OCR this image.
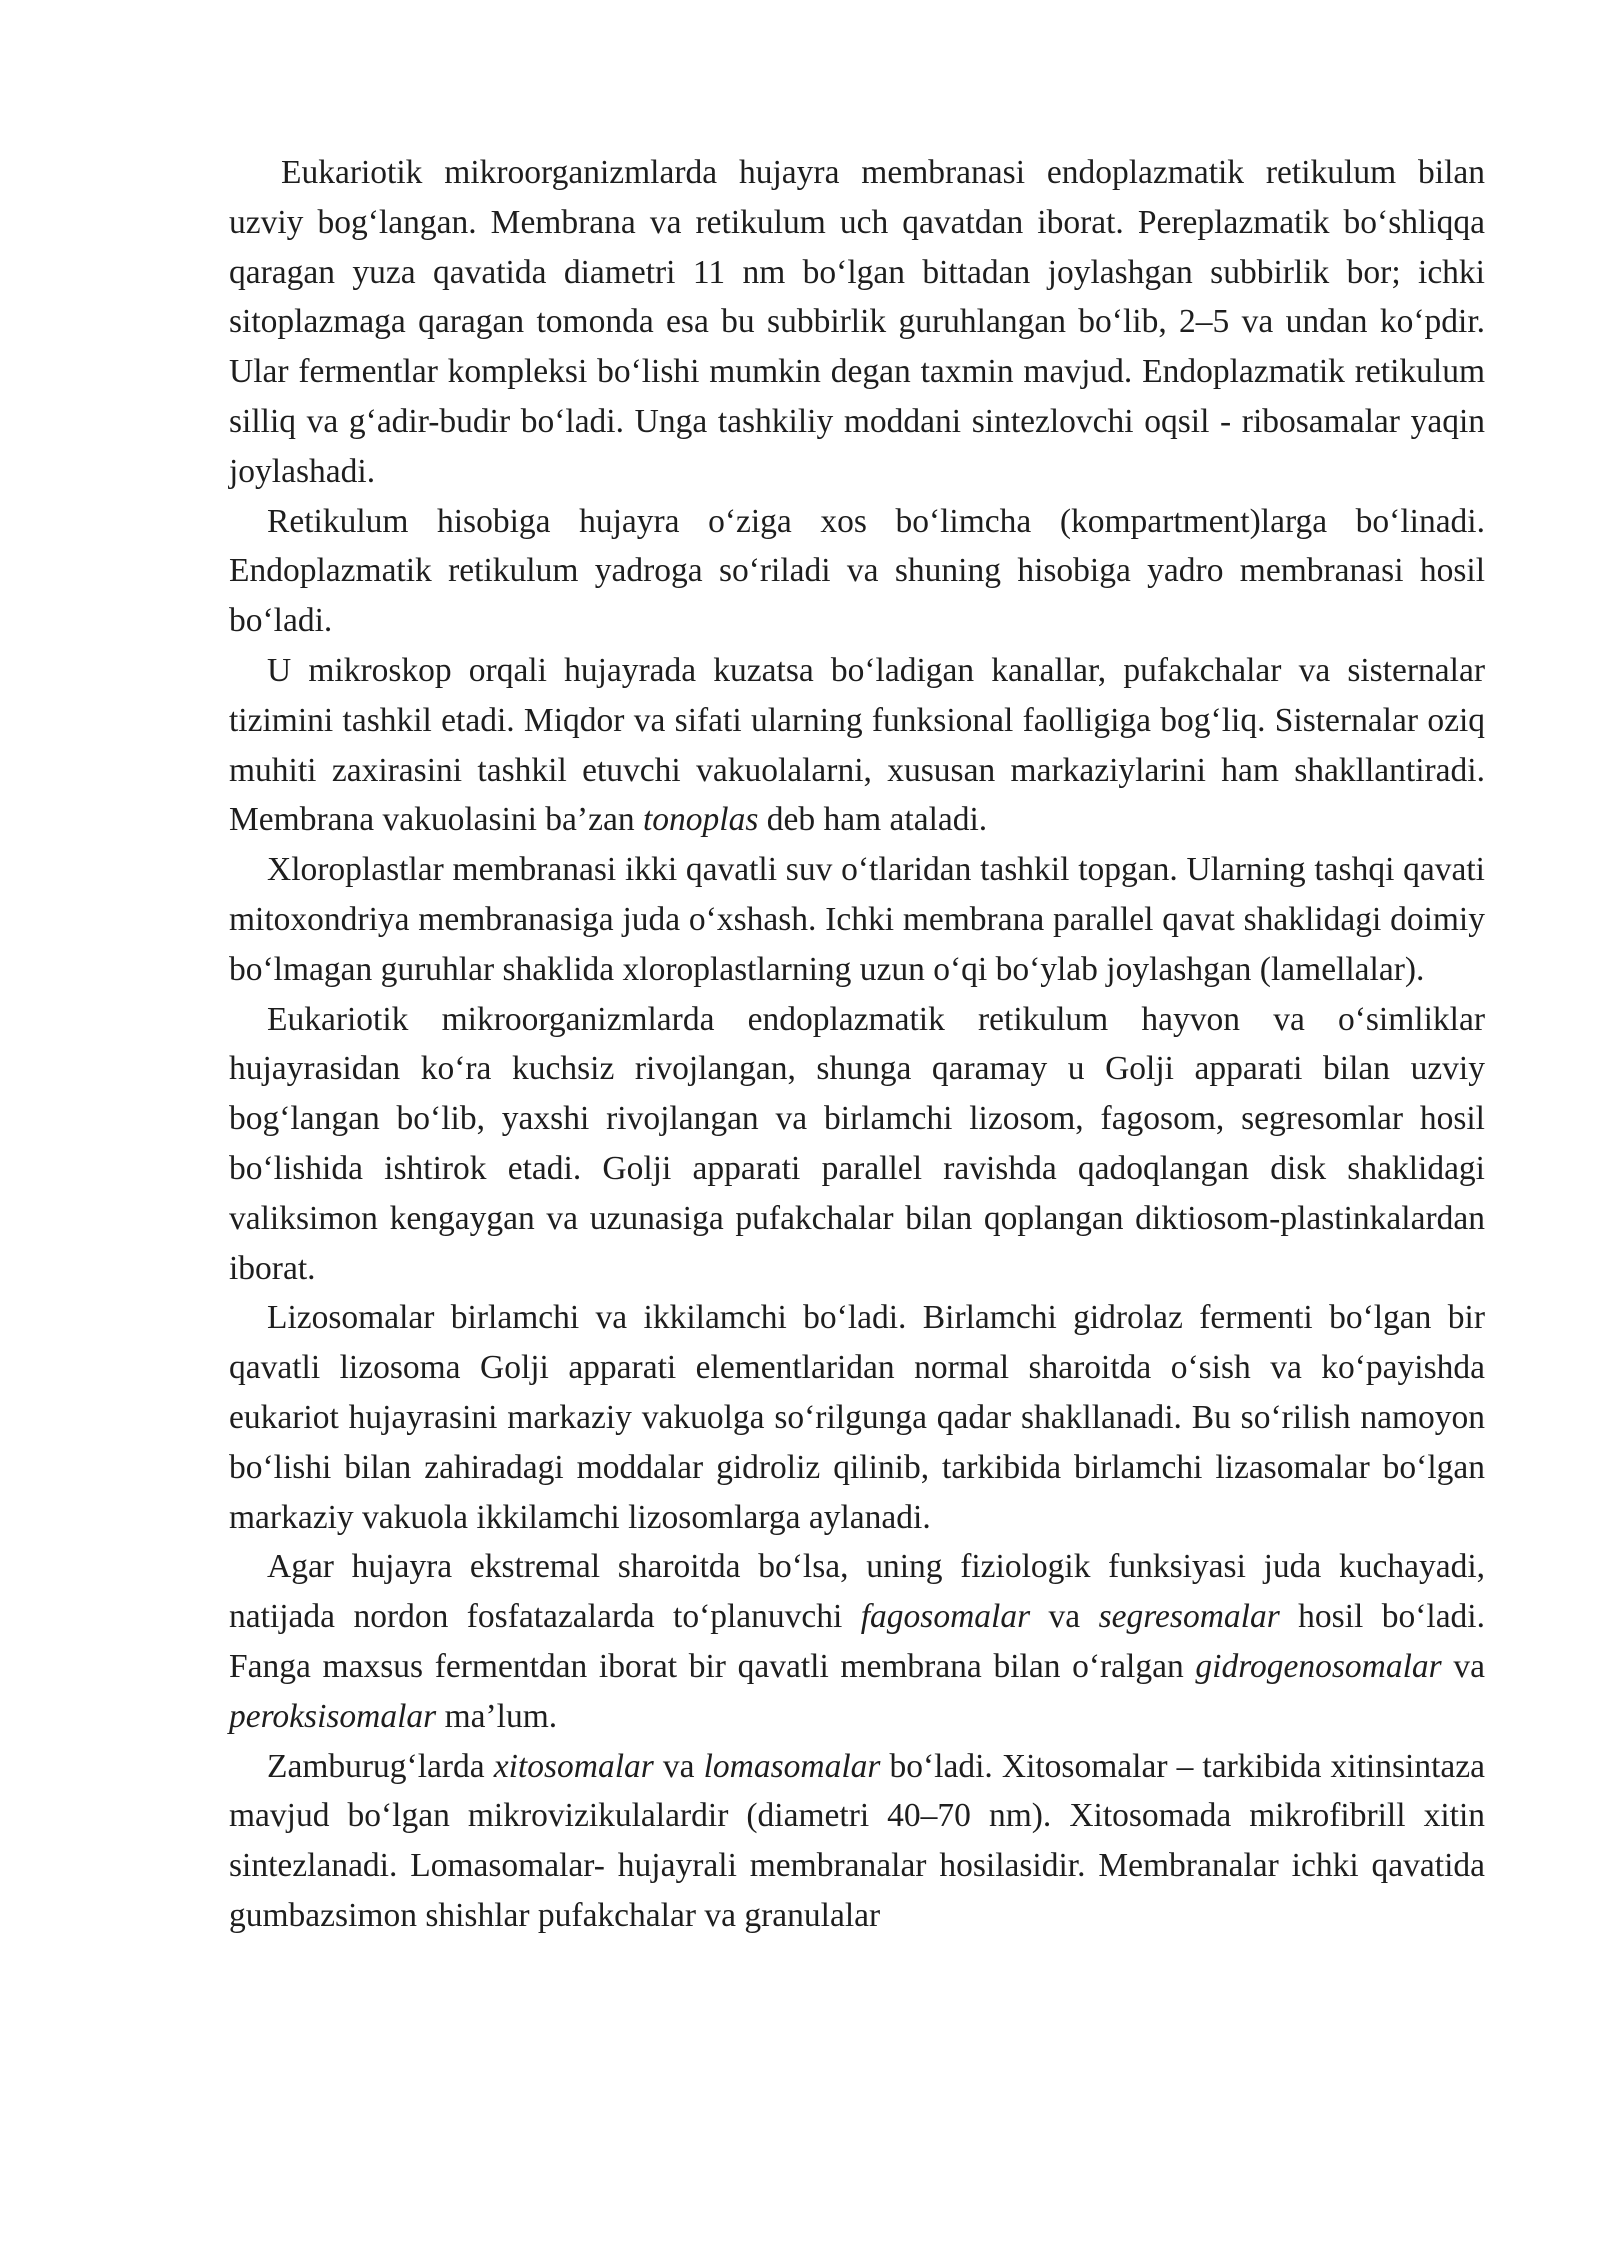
Eukariotik mikroorganizmlarda hujayra membranasi endoplazmatik retikulum bilan uzviy bog‘langan. Membrana va retikulum uch qavatdan iborat. Pereplazmatik bo‘shliqqa qaragan yuza qavatida diametri 11 nm bo‘lgan bittadan joylashgan subbirlik bor; ichki sitoplazmaga qaragan tomonda esa bu subbirlik guruhlangan bo‘lib, 2–5 va undan ko‘pdir. Ular fermentlar kompleksi bo‘lishi mumkin degan taxmin mavjud. Endoplazmatik retikulum silliq va g‘adir-budir bo‘ladi. Unga tashkiliy moddani sintezlovchi oqsil - ribosamalar yaqin joylashadi.

Retikulum hisobiga hujayra o‘ziga xos bo‘limcha (kompartment)larga bo‘linadi. Endoplazmatik retikulum yadroga so‘riladi va shuning hisobiga yadro membranasi hosil bo‘ladi.

U mikroskop orqali hujayrada kuzatsa bo‘ladigan kanallar, pufakchalar va sisternalar tizimini tashkil etadi. Miqdor va sifati ularning funksional faolligiga bog‘liq. Sisternalar oziq muhiti zaxirasini tashkil etuvchi vakuolalarni, xususan markaziylarini ham shakllantiradi. Membrana vakuolasini ba’zan tonoplas deb ham ataladi.

Xloroplastlar membranasi ikki qavatli suv o‘tlaridan tashkil topgan. Ularning tashqi qavati mitoxondriya membranasiga juda o‘xshash. Ichki membrana parallel qavat shaklidagi doimiy bo‘lmagan guruhlar shaklida xloroplastlarning uzun o‘qi bo‘ylab joylashgan (lamellalar).

Eukariotik mikroorganizmlarda endoplazmatik retikulum hayvon va o‘simliklar hujayrasidan ko‘ra kuchsiz rivojlangan, shunga qaramay u Golji apparati bilan uzviy bog‘langan bo‘lib, yaxshi rivojlangan va birlamchi lizosom, fagosom, segresomlar hosil bo‘lishida ishtirok etadi. Golji apparati parallel ravishda qadoqlangan disk shaklidagi valiksimon kengaygan va uzunasiga pufakchalar bilan qoplangan diktiosom-plastinkalardan iborat.

Lizosomalar birlamchi va ikkilamchi bo‘ladi. Birlamchi gidrolaz fermenti bo‘lgan bir qavatli lizosoma Golji apparati elementlaridan normal sharoitda o‘sish va ko‘payishda eukariot hujayrasini markaziy vakuolga so‘rilgunga qadar shakllanadi. Bu so‘rilish namoyon bo‘lishi bilan zahiradagi moddalar gidroliz qilinib, tarkibida birlamchi lizasomalar bo‘lgan markaziy vakuola ikkilamchi lizosomlarga aylanadi.

Agar hujayra ekstremal sharoitda bo‘lsa, uning fiziologik funksiyasi juda kuchayadi, natijada nordon fosfatazalarda to‘planuvchi fagosomalar va segresomalar hosil bo‘ladi. Fanga maxsus fermentdan iborat bir qavatli membrana bilan o‘ralgan gidrogenosomalar va peroksisomalar ma’lum.

Zamburug‘larda xitosomalar va lomasomalar bo‘ladi. Xitosomalar – tarkibida xitinsintaza mavjud bo‘lgan mikrovizikulalardir (diametri 40–70 nm). Xitosomada mikrofibrill xitin sintezlanadi. Lomasomalar- hujayrali membranalar hosilasidir. Membranalar ichki qavatida gumbazsimon shishlar pufakchalar va granulalar
